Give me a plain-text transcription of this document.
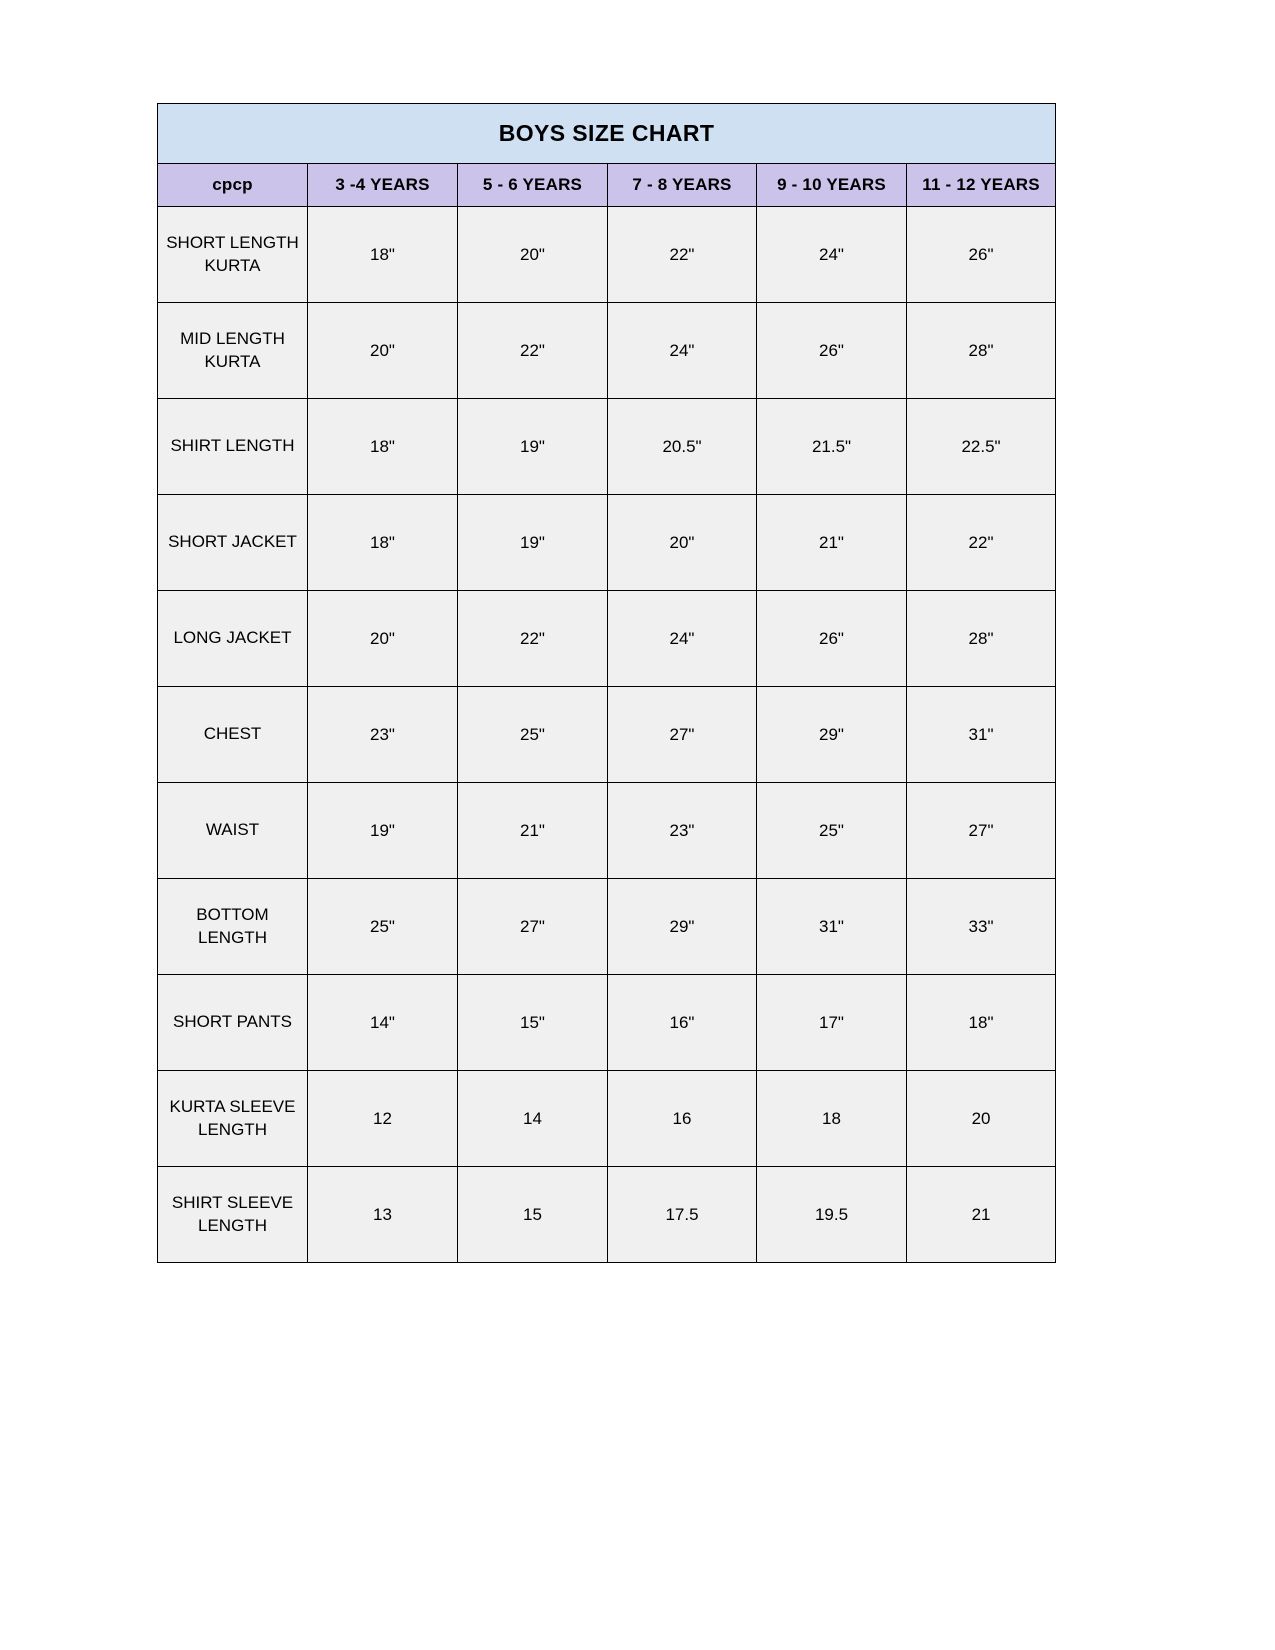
BOYS SIZE CHART					
cpcp	3 -4 YEARS	5 - 6 YEARS	7 - 8 YEARS	9 - 10 YEARS	11 - 12 YEARS
SHORT LENGTH KURTA	18"	20"	22"	24"	26"
MID LENGTH KURTA	20"	22"	24"	26"	28"
SHIRT LENGTH	18"	19"	20.5"	21.5"	22.5"
SHORT JACKET	18"	19"	20"	21"	22"
LONG JACKET	20"	22"	24"	26"	28"
CHEST	23"	25"	27"	29"	31"
WAIST	19"	21"	23"	25"	27"
BOTTOM LENGTH	25"	27"	29"	31"	33"
SHORT PANTS	14"	15"	16"	17"	18"
KURTA SLEEVE LENGTH	12	14	16	18	20
SHIRT SLEEVE LENGTH	13	15	17.5	19.5	21
